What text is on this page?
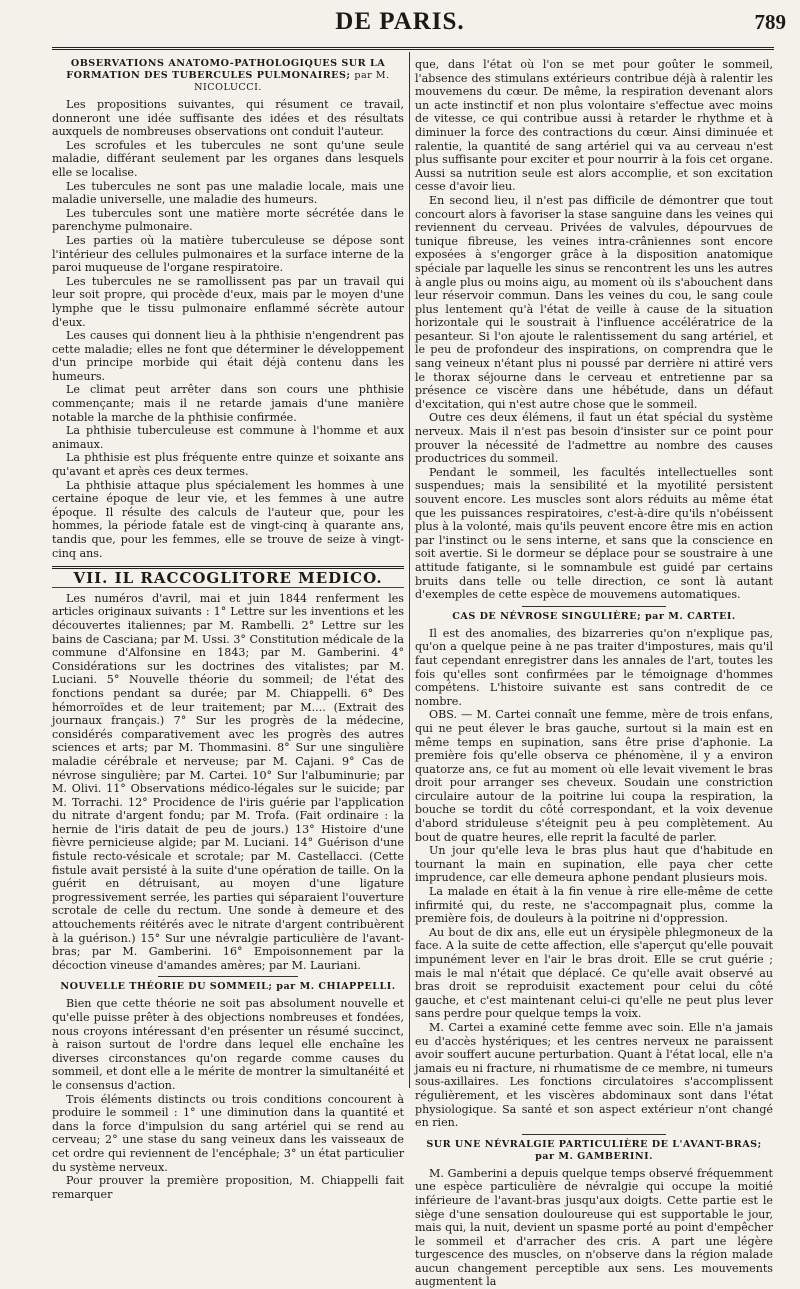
DE PARIS.	789

OBSERVATIONS ANATOMO-PATHOLOGIQUES SUR LA FORMATION DES TUBERCULES PULMONAIRES; par M. NICOLUCCI.

Les propositions suivantes, qui résument ce travail, donneront une idée suffisante des idées et des résultats auxquels de nombreuses observations ont conduit l'auteur.

Les scrofules et les tubercules ne sont qu'une seule maladie, différant seulement par les organes dans lesquels elle se localise.

Les tubercules ne sont pas une maladie locale, mais une maladie universelle, une maladie des humeurs.

Les tubercules sont une matière morte sécrétée dans le parenchyme pulmonaire.

Les parties où la matière tuberculeuse se dépose sont l'intérieur des cellules pulmonaires et la surface interne de la paroi muqueuse de l'organe respiratoire.

Les tubercules ne se ramollissent pas par un travail qui leur soit propre, qui procède d'eux, mais par le moyen d'une lymphe que le tissu pulmonaire enflammé sécrète autour d'eux.

Les causes qui donnent lieu à la phthisie n'engendrent pas cette maladie; elles ne font que déterminer le développement d'un principe morbide qui était déjà contenu dans les humeurs.

Le climat peut arrêter dans son cours une phthisie commençante; mais il ne retarde jamais d'une manière notable la marche de la phthisie confirmée.

La phthisie tuberculeuse est commune à l'homme et aux animaux.

La phthisie est plus fréquente entre quinze et soixante ans qu'avant et après ces deux termes.

La phthisie attaque plus spécialement les hommes à une certaine époque de leur vie, et les femmes à une autre époque. Il résulte des calculs de l'auteur que, pour les hommes, la période fatale est de vingt-cinq à quarante ans, tandis que, pour les femmes, elle se trouve de seize à vingt-cinq ans.

VII. IL RACCOGLITORE MEDICO.

Les numéros d'avril, mai et juin 1844 renferment les articles originaux suivants : 1° Lettre sur les inventions et les découvertes italiennes; par M. Rambelli. 2° Lettre sur les bains de Casciana; par M. Ussi. 3° Constitution médicale de la commune d'Alfonsine en 1843; par M. Gamberini. 4° Considérations sur les doctrines des vitalistes; par M. Luciani. 5° Nouvelle théorie du sommeil; de l'état des fonctions pendant sa durée; par M. Chiappelli. 6° Des hémorroïdes et de leur traitement; par M.... (Extrait des journaux français.) 7° Sur les progrès de la médecine, considérés comparativement avec les progrès des autres sciences et arts; par M. Thommasini. 8° Sur une singulière maladie cérébrale et nerveuse; par M. Cajani. 9° Cas de névrose singulière; par M. Cartei. 10° Sur l'albuminurie; par M. Olivi. 11° Observations médico-légales sur le suicide; par M. Torrachi. 12° Procidence de l'iris guérie par l'application du nitrate d'argent fondu; par M. Trofa. (Fait ordinaire : la hernie de l'iris datait de peu de jours.) 13° Histoire d'une fièvre pernicieuse algide; par M. Luciani. 14° Guérison d'une fistule recto-vésicale et scrotale; par M. Castellacci. (Cette fistule avait persisté à la suite d'une opération de taille. On la guérit en détruisant, au moyen d'une ligature progressivement serrée, les parties qui séparaient l'ouverture scrotale de celle du rectum. Une sonde à demeure et des attouchements réitérés avec le nitrate d'argent contribuèrent à la guérison.) 15° Sur une névralgie particulière de l'avant-bras; par M. Gamberini. 16° Empoisonnement par la décoction vineuse d'amandes amères; par M. Lauriani.

NOUVELLE THÉORIE DU SOMMEIL; par M. CHIAPPELLI.

Bien que cette théorie ne soit pas absolument nouvelle et qu'elle puisse prêter à des objections nombreuses et fondées, nous croyons intéressant d'en présenter un résumé succinct, à raison surtout de l'ordre dans lequel elle enchaîne les diverses circonstances qu'on regarde comme causes du sommeil, et dont elle a le mérite de montrer la simultanéité et le consensus d'action.

Trois éléments distincts ou trois conditions concourent à produire le sommeil : 1° une diminution dans la quantité et dans la force d'impulsion du sang artériel qui se rend au cerveau; 2° une stase du sang veineux dans les vaisseaux de cet ordre qui reviennent de l'encéphale; 3° un état particulier du système nerveux.

Pour prouver la première proposition, M. Chiappelli fait remarquer

que, dans l'état où l'on se met pour goûter le sommeil, l'absence des stimulans extérieurs contribue déjà à ralentir les mouvemens du cœur. De même, la respiration devenant alors un acte instinctif et non plus volontaire s'effectue avec moins de vitesse, ce qui contribue aussi à retarder le rhythme et à diminuer la force des contractions du cœur. Ainsi diminuée et ralentie, la quantité de sang artériel qui va au cerveau n'est plus suffisante pour exciter et pour nourrir à la fois cet organe. Aussi sa nutrition seule est alors accomplie, et son excitation cesse d'avoir lieu.

En second lieu, il n'est pas difficile de démontrer que tout concourt alors à favoriser la stase sanguine dans les veines qui reviennent du cerveau. Privées de valvules, dépourvues de tunique fibreuse, les veines intra-crâniennes sont encore exposées à s'engorger grâce à la disposition anatomique spéciale par laquelle les sinus se rencontrent les uns les autres à angle plus ou moins aigu, au moment où ils s'abouchent dans leur réservoir commun. Dans les veines du cou, le sang coule plus lentement qu'à l'état de veille à cause de la situation horizontale qui le soustrait à l'influence accélératrice de la pesanteur. Si l'on ajoute le ralentissement du sang artériel, et le peu de profondeur des inspirations, on comprendra que le sang veineux n'étant plus ni poussé par derrière ni attiré vers le thorax séjourne dans le cerveau et entretienne par sa présence ce viscère dans une hébétude, dans un défaut d'excitation, qui n'est autre chose que le sommeil.

Outre ces deux élémens, il faut un état spécial du système nerveux. Mais il n'est pas besoin d'insister sur ce point pour prouver la nécessité de l'admettre au nombre des causes productrices du sommeil.

Pendant le sommeil, les facultés intellectuelles sont suspendues; mais la sensibilité et la myotilité persistent souvent encore. Les muscles sont alors réduits au même état que les puissances respiratoires, c'est-à-dire qu'ils n'obéissent plus à la volonté, mais qu'ils peuvent encore être mis en action par l'instinct ou le sens interne, et sans que la conscience en soit avertie. Si le dormeur se déplace pour se soustraire à une attitude fatigante, si le somnambule est guidé par certains bruits dans telle ou telle direction, ce sont là autant d'exemples de cette espèce de mouvemens automatiques.

CAS DE NÉVROSE SINGULIÈRE; par M. CARTEI.

Il est des anomalies, des bizarreries qu'on n'explique pas, qu'on a quelque peine à ne pas traiter d'impostures, mais qu'il faut cependant enregistrer dans les annales de l'art, toutes les fois qu'elles sont confirmées par le témoignage d'hommes compétens. L'histoire suivante est sans contredit de ce nombre.

OBS. — M. Cartei connaît une femme, mère de trois enfans, qui ne peut élever le bras gauche, surtout si la main est en même temps en supination, sans être prise d'aphonie. La première fois qu'elle observa ce phénomène, il y a environ quatorze ans, ce fut au moment où elle levait vivement le bras droit pour arranger ses cheveux. Soudain une constriction circulaire autour de la poitrine lui coupa la respiration, la bouche se tordit du côté correspondant, et la voix devenue d'abord striduleuse s'éteignit peu à peu complètement. Au bout de quatre heures, elle reprit la faculté de parler.

Un jour qu'elle leva le bras plus haut que d'habitude en tournant la main en supination, elle paya cher cette imprudence, car elle demeura aphone pendant plusieurs mois.

La malade en était à la fin venue à rire elle-même de cette infirmité qui, du reste, ne s'accompagnait plus, comme la première fois, de douleurs à la poitrine ni d'oppression.

Au bout de dix ans, elle eut un érysipèle phlegmoneux de la face. A la suite de cette affection, elle s'aperçut qu'elle pouvait impunément lever en l'air le bras droit. Elle se crut guérie ; mais le mal n'était que déplacé. Ce qu'elle avait observé au bras droit se reproduisit exactement pour celui du côté gauche, et c'est maintenant celui-ci qu'elle ne peut plus lever sans perdre pour quelque temps la voix.

M. Cartei a examiné cette femme avec soin. Elle n'a jamais eu d'accès hystériques; et les centres nerveux ne paraissent avoir souffert aucune perturbation. Quant à l'état local, elle n'a jamais eu ni fracture, ni rhumatisme de ce membre, ni tumeurs sous-axillaires. Les fonctions circulatoires s'accomplissent régulièrement, et les viscères abdominaux sont dans l'état physiologique. Sa santé et son aspect extérieur n'ont changé en rien.

SUR UNE NÉVRALGIE PARTICULIÈRE DE L'AVANT-BRAS; par M. GAMBERINI.

M. Gamberini a depuis quelque temps observé fréquemment une espèce particulière de névralgie qui occupe la moitié inférieure de l'avant-bras jusqu'aux doigts. Cette partie est le siège d'une sensation douloureuse qui est supportable le jour, mais qui, la nuit, devient un spasme porté au point d'empêcher le sommeil et d'arracher des cris. A part une légère turgescence des muscles, on n'observe dans la région malade aucun changement perceptible aux sens. Les mouvements augmentent la
